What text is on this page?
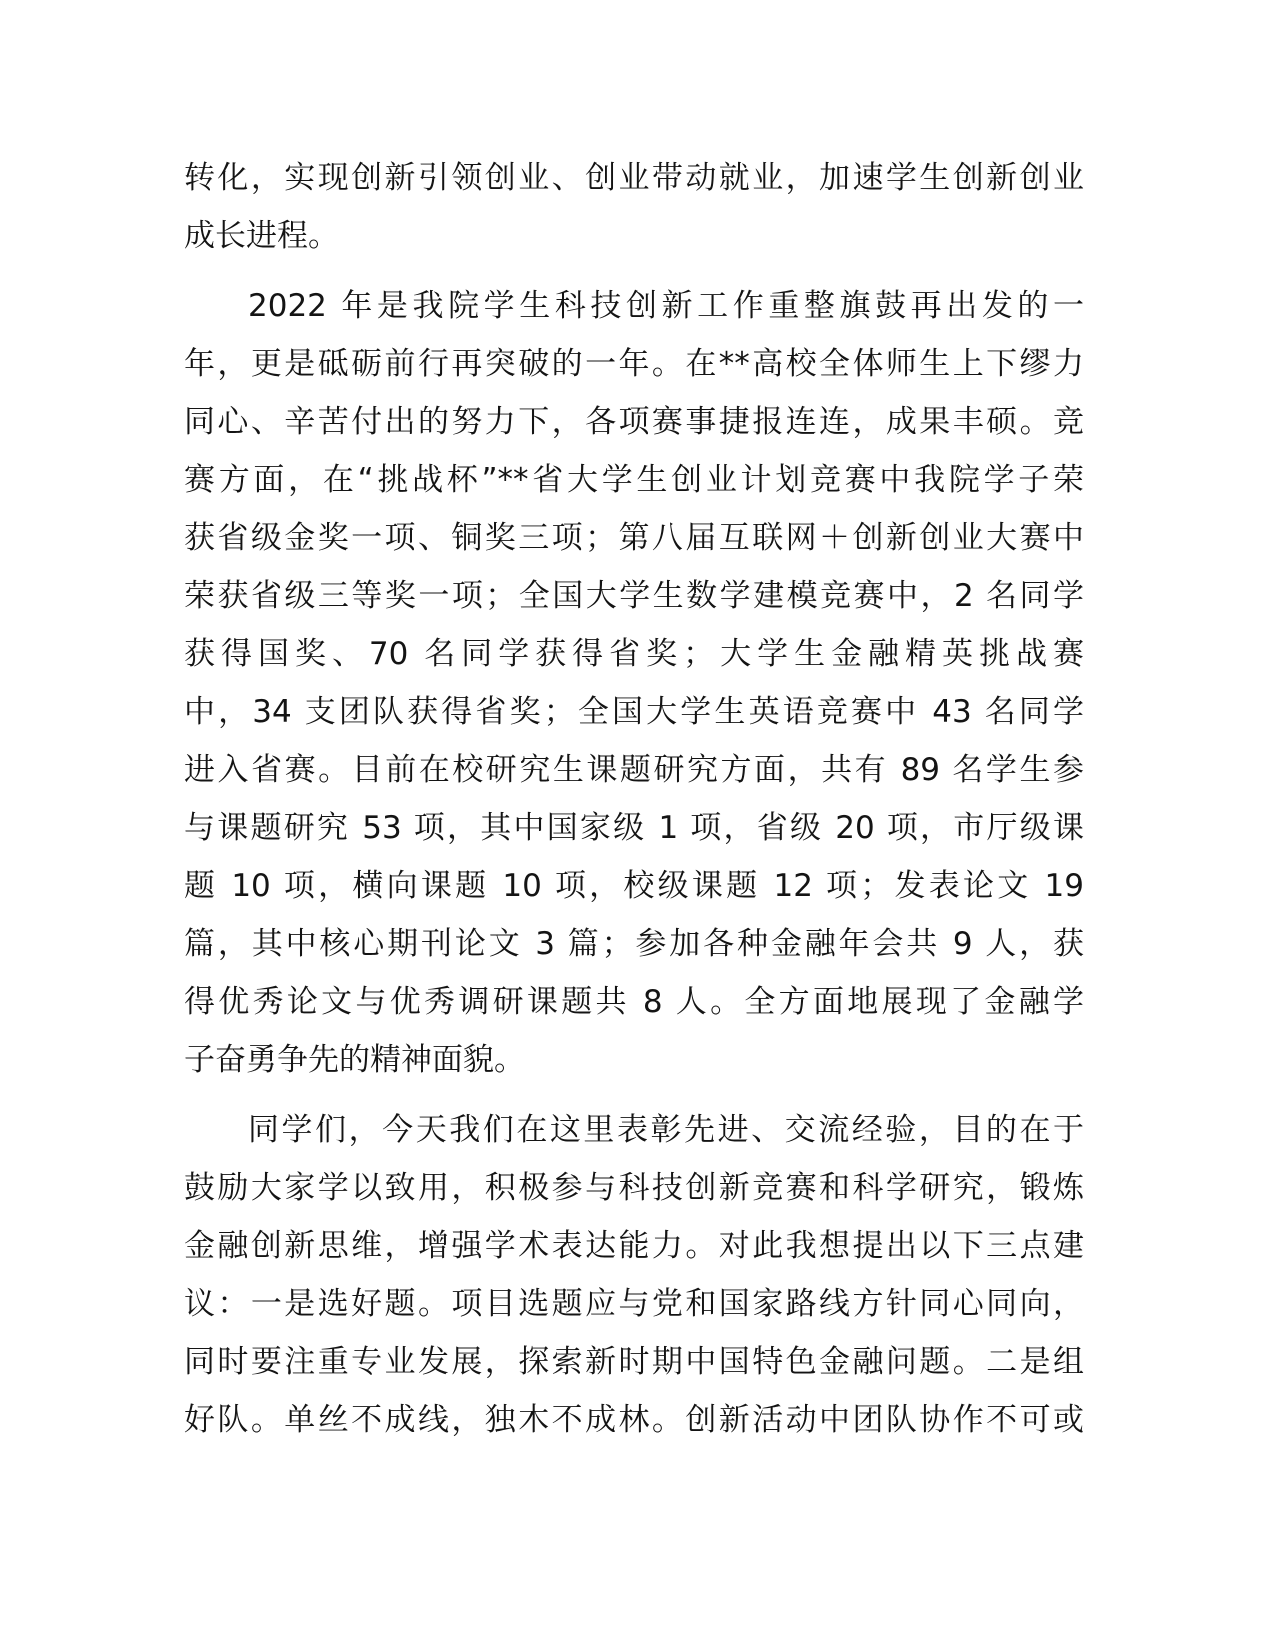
转化，实现创新引领创业、创业带动就业，加速学生创新创业
成长进程。
2022 年是我院学生科技创新工作重整旗鼓再出发的一
年，更是砥砺前行再突破的一年。在**高校全体师生上下缪力
同心、辛苦付出的努力下，各项赛事捷报连连，成果丰硕。竞
赛方面，在“挑战杯”**省大学生创业计划竞赛中我院学子荣
获省级金奖一项、铜奖三项；第八届互联网＋创新创业大赛中
荣获省级三等奖一项；全国大学生数学建模竞赛中，2 名同学
获得国奖、70 名同学获得省奖；大学生金融精英挑战赛
中，34 支团队获得省奖；全国大学生英语竞赛中 43 名同学
进入省赛。目前在校研究生课题研究方面，共有 89 名学生参
与课题研究 53 项，其中国家级 1 项，省级 20 项，市厅级课
题 10 项，横向课题 10 项，校级课题 12 项；发表论文 19
篇，其中核心期刊论文 3 篇；参加各种金融年会共 9 人，获
得优秀论文与优秀调研课题共 8 人。全方面地展现了金融学
子奋勇争先的精神面貌。
同学们，今天我们在这里表彰先进、交流经验，目的在于
鼓励大家学以致用，积极参与科技创新竞赛和科学研究，锻炼
金融创新思维，增强学术表达能力。对此我想提出以下三点建
议：一是选好题。项目选题应与党和国家路线方针同心同向，
同时要注重专业发展，探索新时期中国特色金融问题。二是组
好队。单丝不成线，独木不成林。创新活动中团队协作不可或
